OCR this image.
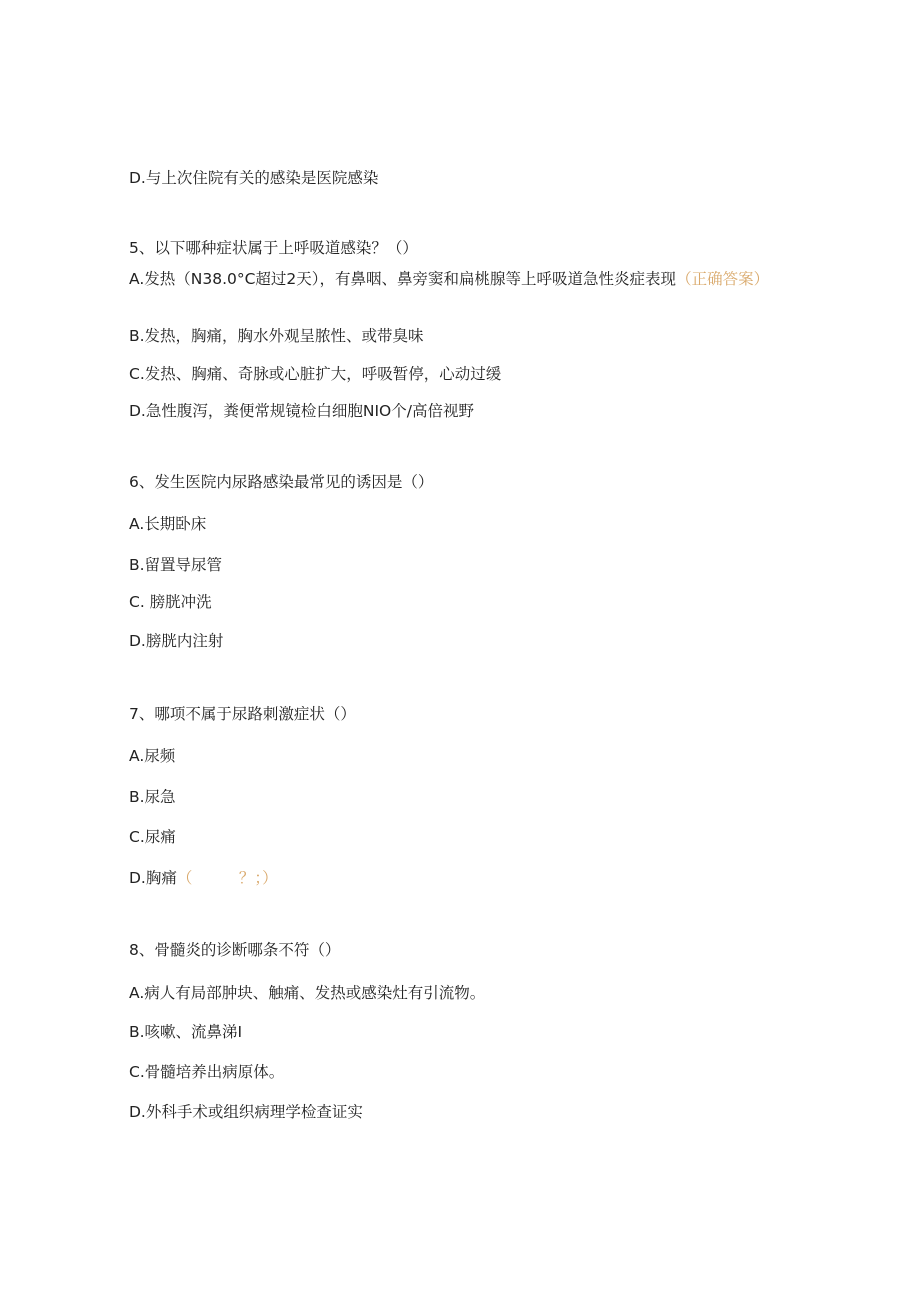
D.与上次住院有关的感染是医院感染
5、以下哪种症状属于上呼吸道感染？（）
A.发热（N38.0°C超过2天），有鼻咽、鼻旁窦和扁桃腺等上呼吸道急性炎症表现（正确答案）
B.发热，胸痛，胸水外观呈脓性、或带臭味
C.发热、胸痛、奇脉或心脏扩大，呼吸暂停，心动过缓
D.急性腹泻，粪便常规镜检白细胞NIO个/高倍视野
6、发生医院内尿路感染最常见的诱因是（）
A.长期卧床
B.留置导尿管
C. 膀胱冲洗
D.膀胱内注射
7、哪项不属于尿路刺激症状（）
A.尿频
B.尿急
C.尿痛
D.胸痛（　　　？；）
8、骨髓炎的诊断哪条不符（）
A.病人有局部肿块、触痛、发热或感染灶有引流物。
B.咳嗽、流鼻涕I
C.骨髓培养出病原体。
D.外科手术或组织病理学检查证实
